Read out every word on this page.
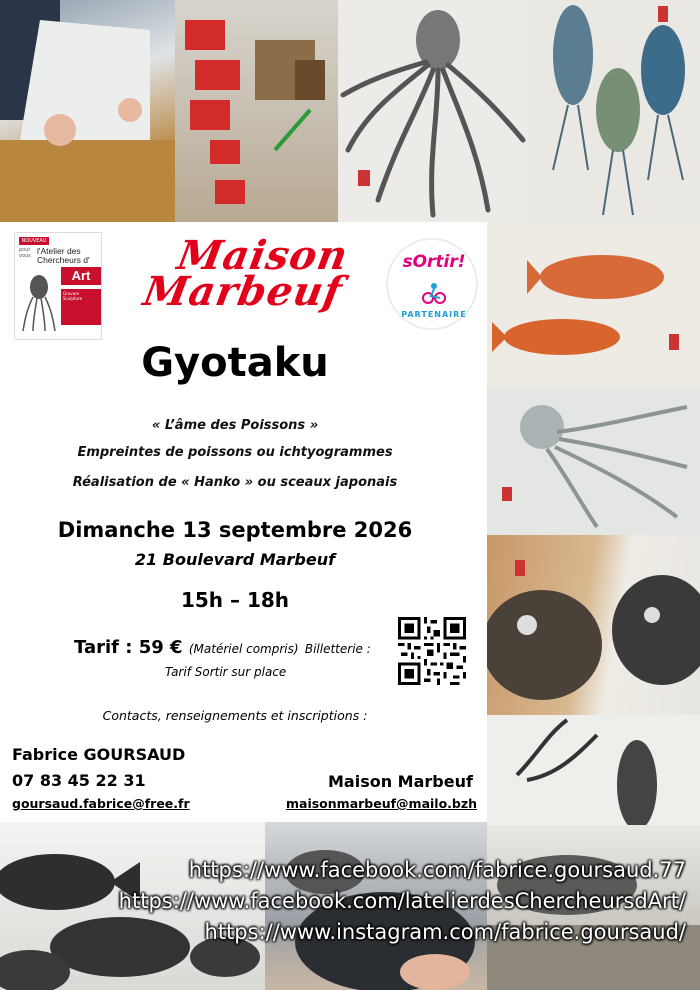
NOUVEAU
pour vous l'Atelier des Chercheurs d'
Art
Gravure Sculpture
Maison
Marbeuf
sOrtir!
PARTENAIRE
Gyotaku
« L’âme des Poissons »
Empreintes de poissons ou ichtyogrammes
Réalisation de « Hanko » ou sceaux japonais
Dimanche 13 septembre 2026
21 Boulevard Marbeuf
15h – 18h
Tarif : 59 € (Matériel compris) Billetterie :
Tarif Sortir sur place
Contacts, renseignements et inscriptions :
Fabrice GOURSAUD
07 83 45 22 31
goursaud.fabrice@free.fr
Maison Marbeuf
maisonmarbeuf@mailo.bzh
https://www.facebook.com/fabrice.goursaud.77
https://www.facebook.com/latelierdesChercheursdArt/
https://www.instagram.com/fabrice.goursaud/
